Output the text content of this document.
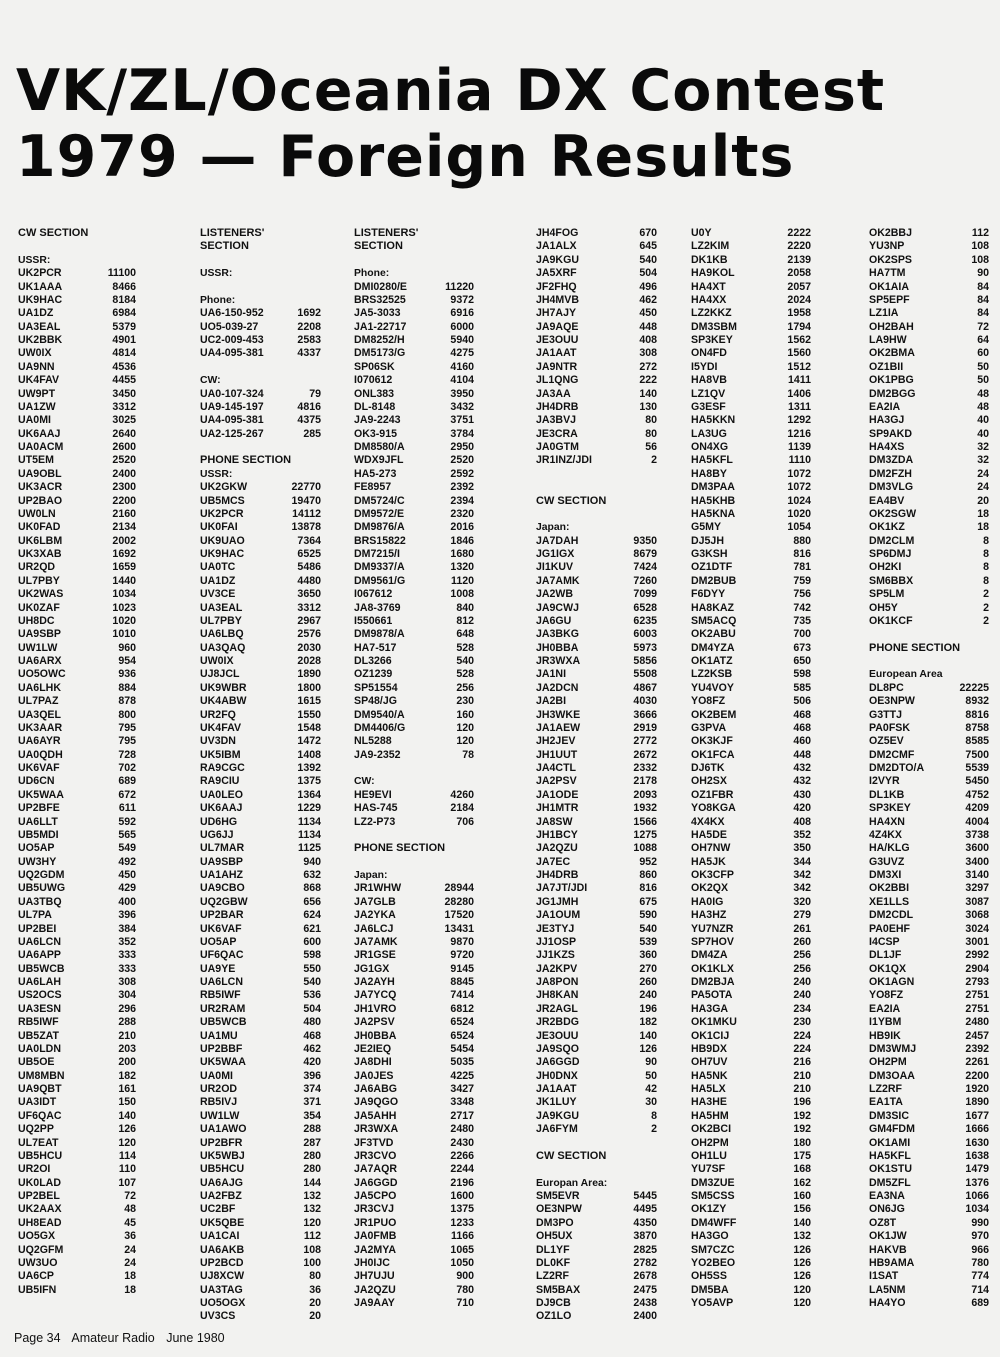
VK/ZL/Oceania DX Contest
1979 — Foreign Results
CW SECTION
USSR:
UK2PCR	11100
UK1AAA	8466
UK9HAC	8184
UA1DZ	6984
UA3EAL	5379
UK2BBK	4901
UW0IX	4814
UA9NN	4536
UK4FAV	4455
UW9PT	3450
UA1ZW	3312
UA0MI	3025
UK6AAJ	2640
UA0ACM	2600
UT5EM	2520
UA9OBL	2400
UK3ACR	2300
UP2BAO	2200
UW0LN	2160
UK0FAD	2134
UK6LBM	2002
UK3XAB	1692
UR2QD	1659
UL7PBY	1440
UK2WAS	1034
UK0ZAF	1023
UH8DC	1020
UA9SBP	1010
UW1LW	960
UA6ARX	954
UO5OWC	936
UA6LHK	884
UL7PAZ	878
UA3QEL	800
UK3AAR	795
UA6AYR	795
UA0QDH	728
UK6VAF	702
UD6CN	689
UK5WAA	672
UP2BFE	611
UA6LLT	592
UB5MDI	565
UO5AP	549
UW3HY	492
UQ2GDM	450
UB5UWG	429
UA3TBQ	400
UL7PA	396
UP2BEI	384
UA6LCN	352
UA6APP	333
UB5WCB	333
UA6LAH	308
US2OCS	304
UA3ESN	296
RB5IWF	288
UB5ZAT	210
UA0LDN	203
UB5OE	200
UM8MBN	182
UA9QBT	161
UA3IDT	150
UF6QAC	140
UQ2PP	126
UL7EAT	120
UB5HCU	114
UR2OI	110
UK0LAD	107
UP2BEL	72
UK2AAX	48
UH8EAD	45
UO5GX	36
UQ2GFM	24
UW3UO	24
UA6CP	18
UB5IFN	18
LISTENERS'
SECTION
USSR:
Phone:
UA6-150-952	1692
UO5-039-27	2208
UC2-009-453	2583
UA4-095-381	4337
CW:
UA0-107-324	79
UA9-145-197	4816
UA4-095-381	4375
UA2-125-267	285
PHONE SECTION
USSR:
UK2GKW	22770
UB5MCS	19470
UK2PCR	14112
UK0FAI	13878
UK9UAO	7364
UK9HAC	6525
UA0TC	5486
UA1DZ	4480
UV3CE	3650
UA3EAL	3312
UL7PBY	2967
UA6LBQ	2576
UA3QAQ	2030
UW0IX	2028
UJ8JCL	1890
UK9WBR	1800
UK4ABW	1615
UR2FQ	1550
UK4FAV	1548
UV3DN	1472
UK5IBM	1408
RA9CGC	1392
RA9CIU	1375
UA0LEO	1364
UK6AAJ	1229
UD6HG	1134
UG6JJ	1134
UL7MAR	1125
UA9SBP	940
UA1AHZ	632
UA9CBO	868
UQ2GBW	656
UP2BAR	624
UK6VAF	621
UO5AP	600
UF6QAC	598
UA9YE	550
UA6LCN	540
RB5IWF	536
UR2RAM	504
UB5WCB	480
UA1MU	468
UP2BBF	462
UK5WAA	420
UA0MI	396
UR2OD	374
RB5IVJ	371
UW1LW	354
UA1AWO	288
UP2BFR	287
UK5WBJ	280
UB5HCU	280
UA6AJG	144
UA2FBZ	132
UC2BF	132
UK5QBE	120
UA1CAI	112
UA6AKB	108
UP2BCD	100
UJ8XCW	80
UA3TAG	36
UO5OGX	20
UV3CS	20
LISTENERS'
SECTION
Phone:
DMI0280/E	11220
BRS32525	9372
JA5-3033	6916
JA1-22717	6000
DM8252/H	5940
DM5173/G	4275
SP06SK	4160
I070612	4104
ONL383	3950
DL-8148	3432
JA9-2243	3751
OK3-915	3784
DM8580/A	2950
WDX9JFL	2520
HA5-273	2592
FE8957	2392
DM5724/C	2394
DM9572/E	2320
DM9876/A	2016
BRS15822	1846
DM7215/I	1680
DM9337/A	1320
DM9561/G	1120
I067612	1008
JA8-3769	840
I550661	812
DM9878/A	648
HA7-517	528
DL3266	540
OZ1239	528
SP51554	256
SP48/JG	230
DM9540/A	160
DM4406/G	120
NL5288	120
JA9-2352	78
CW:
HE9EVI	4260
HAS-745	2184
LZ2-P73	706
PHONE SECTION
Japan:
JR1WHW	28944
JA7GLB	28280
JA2YKA	17520
JA6LCJ	13431
JA7AMK	9870
JR1GSE	9720
JG1GX	9145
JA2AYH	8845
JA7YCQ	7414
JH1VRO	6812
JA2PSV	6524
JH0BBA	6524
JE2IEQ	5454
JA8DHI	5035
JA0JES	4225
JA6ABG	3427
JA9QGO	3348
JA5AHH	2717
JR3WXA	2480
JF3TVD	2430
JR3CVO	2266
JA7AQR	2244
JA6GGD	2196
JA5CPO	1600
JR3CVJ	1375
JR1PUO	1233
JA0FMB	1166
JA2MYA	1065
JH0IJC	1050
JH7UJU	900
JA2QZU	780
JA9AAY	710
JH4FOG	670
JA1ALX	645
JA9KGU	540
JA5XRF	504
JF2FHQ	496
JH4MVB	462
JH7AJY	450
JA9AQE	448
JE3OUU	408
JA1AAT	308
JA9NTR	272
JL1QNG	222
JA3AA	140
JH4DRB	130
JA3BVJ	80
JE3CRA	80
JA0GTM	56
JR1INZ/JDI	2
CW SECTION
Japan:
JA7DAH	9350
JG1IGX	8679
JI1KUV	7424
JA7AMK	7260
JA2WB	7099
JA9CWJ	6528
JA6GU	6235
JA3BKG	6003
JH0BBA	5973
JR3WXA	5856
JA1NI	5508
JA2DCN	4867
JA2BI	4030
JH3WKE	3666
JA1AEW	2919
JH2JEV	2772
JH1UUT	2672
JA4CTL	2332
JA2PSV	2178
JA1ODE	2093
JH1MTR	1932
JA8SW	1566
JH1BCY	1275
JA2QZU	1088
JA7EC	952
JH4DRB	860
JA7JT/JDI	816
JG1JMH	675
JA1OUM	590
JE3TYJ	540
JJ1OSP	539
JJ1KZS	360
JA2KPV	270
JA8PON	260
JH8KAN	240
JR2AGL	196
JR2BDG	182
JE3OUU	140
JA9SQO	126
JA6GGD	90
JH0DNX	50
JA1AAT	42
JK1LUY	30
JA9KGU	8
JA6FYM	2
CW SECTION
Europan Area:
SM5EVR	5445
OE3NPW	4495
DM3PO	4350
OH5UX	3870
DL1YF	2825
DL0KF	2782
LZ2RF	2678
SM5BAX	2475
DJ9CB	2438
OZ1LO	2400
U0Y	2222
LZ2KIM	2220
DK1KB	2139
HA9KOL	2058
HA4XT	2057
HA4XX	2024
LZ2KKZ	1958
DM3SBM	1794
SP3KEY	1562
ON4FD	1560
I5YDI	1512
HA8VB	1411
LZ1QV	1406
G3ESF	1311
HA5KKN	1292
LA3UG	1216
ON4XG	1139
HA5KFL	1110
HA8BY	1072
DM3PAA	1072
HA5KHB	1024
HA5KNA	1020
G5MY	1054
DJ5JH	880
G3KSH	816
OZ1DTF	781
DM2BUB	759
F6DYY	756
HA8KAZ	742
SM5ACQ	735
OK2ABU	700
DM4YZA	673
OK1ATZ	650
LZ2KSB	598
YU4VOY	585
YO8FZ	506
OK2BEM	468
G3PVA	468
OK3KJF	460
OK1FCA	448
DJ6TK	432
OH2SX	432
OZ1FBR	430
YO8KGA	420
4X4KX	408
HA5DE	352
OH7NW	350
HA5JK	344
OK3CFP	342
OK2QX	342
HA0IG	320
HA3HZ	279
YU7NZR	261
SP7HOV	260
DM4ZA	256
OK1KLX	256
DM2BJA	240
PA5OTA	240
HA3GA	234
OK1MKU	230
OK1CIJ	224
HB9DX	224
OH7UV	216
HA5NK	210
HA5LX	210
HA3HE	196
HA5HM	192
OK2BCI	192
OH2PM	180
OH1LU	175
YU7SF	168
DM3ZUE	162
SM5CSS	160
OK1ZY	156
DM4WFF	140
HA3GO	132
SM7CZC	126
YO2BEO	126
OH5SS	126
DM5BA	120
YO5AVP	120
OK2BBJ	112
YU3NP	108
OK2SPS	108
HA7TM	90
OK1AIA	84
SP5EPF	84
LZ1IA	84
OH2BAH	72
LA9HW	64
OK2BMA	60
OZ1BII	50
OK1PBG	50
DM2BGG	48
EA2IA	48
HA3GJ	40
SP9AKD	40
HA4XS	32
DM3ZDA	32
DM2FZH	24
DM3VLG	24
EA4BV	20
OK2SGW	18
OK1KZ	18
DM2CLM	8
SP6DMJ	8
OH2KI	8
SM6BBX	8
SP5LM	2
OH5Y	2
OK1KCF	2
PHONE SECTION
European Area
DL8PC	22225
OE3NPW	8932
G3TTJ	8816
PA0FSK	8758
OZ5EV	8585
DM2CMF	7500
DM2DTO/A	5539
I2VYR	5450
DL1KB	4752
SP3KEY	4209
HA4XN	4004
4Z4KX	3738
HA/KLG	3600
G3UVZ	3400
DM3XI	3140
OK2BBI	3297
XE1LLS	3087
DM2CDL	3068
PA0EHF	3024
I4CSP	3001
DL1JF	2992
OK1QX	2904
OK1AGN	2793
YO8FZ	2751
EA2IA	2751
I1YBM	2480
HB9IK	2457
DM3WMJ	2392
OH2PM	2261
DM3OAA	2200
LZ2RF	1920
EA1TA	1890
DM3SIC	1677
GM4FDM	1666
OK1AMI	1630
HA5KFL	1638
OK1STU	1479
DM5ZFL	1376
EA3NA	1066
ON6JG	1034
OZ8T	990
OK1JW	970
HAKVB	966
HB9AMA	780
I1SAT	774
LA5NM	714
HA4YO	689
Page 34 Amateur Radio June 1980
